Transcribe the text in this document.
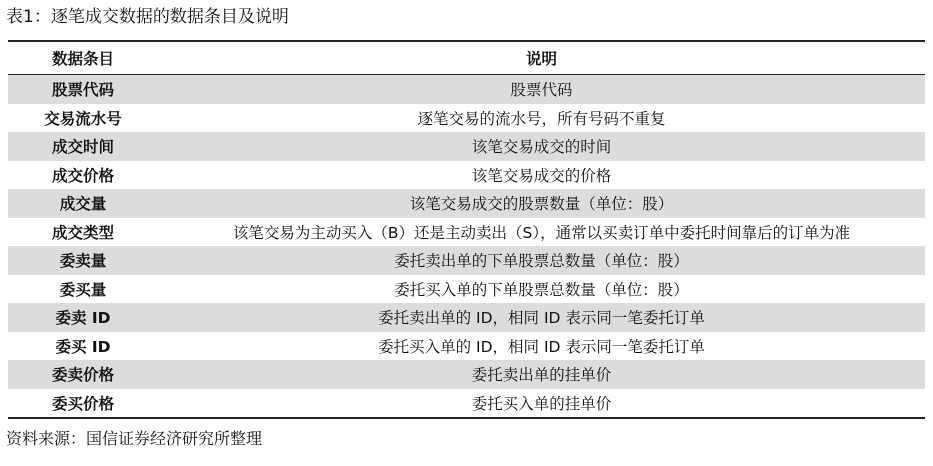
表1：逐笔成交数据的数据条目及说明
数据条目	说明
股票代码	股票代码
交易流水号	逐笔交易的流水号，所有号码不重复
成交时间	该笔交易成交的时间
成交价格	该笔交易成交的价格
成交量	该笔交易成交的股票数量（单位：股）
成交类型	该笔交易为主动买入（B）还是主动卖出（S），通常以买卖订单中委托时间靠后的订单为准
委卖量	委托卖出单的下单股票总数量（单位：股）
委买量	委托买入单的下单股票总数量（单位：股）
委卖 ID	委托卖出单的 ID，相同 ID 表示同一笔委托订单
委买 ID	委托买入单的 ID，相同 ID 表示同一笔委托订单
委卖价格	委托卖出单的挂单价
委买价格	委托买入单的挂单价
资料来源：国信证券经济研究所整理
